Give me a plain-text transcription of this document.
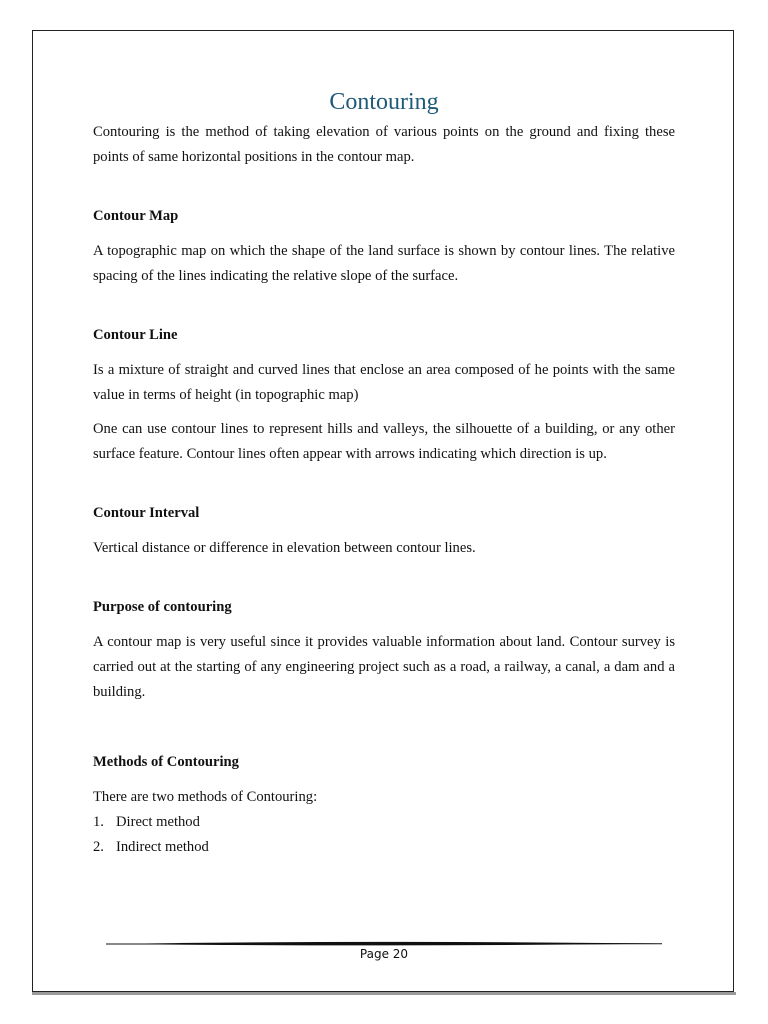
Contouring

Contouring is the method of taking elevation of various points on the ground and fixing these points of same horizontal positions in the contour map.

Contour Map

A topographic map on which the shape of the land surface is shown by contour lines. The relative spacing of the lines indicating the relative slope of the surface.

Contour Line

Is a mixture of straight and curved lines that enclose an area composed of he points with the same value in terms of height (in topographic map)

One can use contour lines to represent hills and valleys, the silhouette of a building, or any other surface feature. Contour lines often appear with arrows indicating which direction is up.

Contour Interval

Vertical distance or difference in elevation between contour lines.

Purpose of contouring

A contour map is very useful since it provides valuable information about land. Contour survey is carried out at the starting of any engineering project such as a road, a railway, a canal, a dam and a building.

Methods of Contouring

There are two methods of Contouring:

1. Direct method
2. Indirect method
Page 20
